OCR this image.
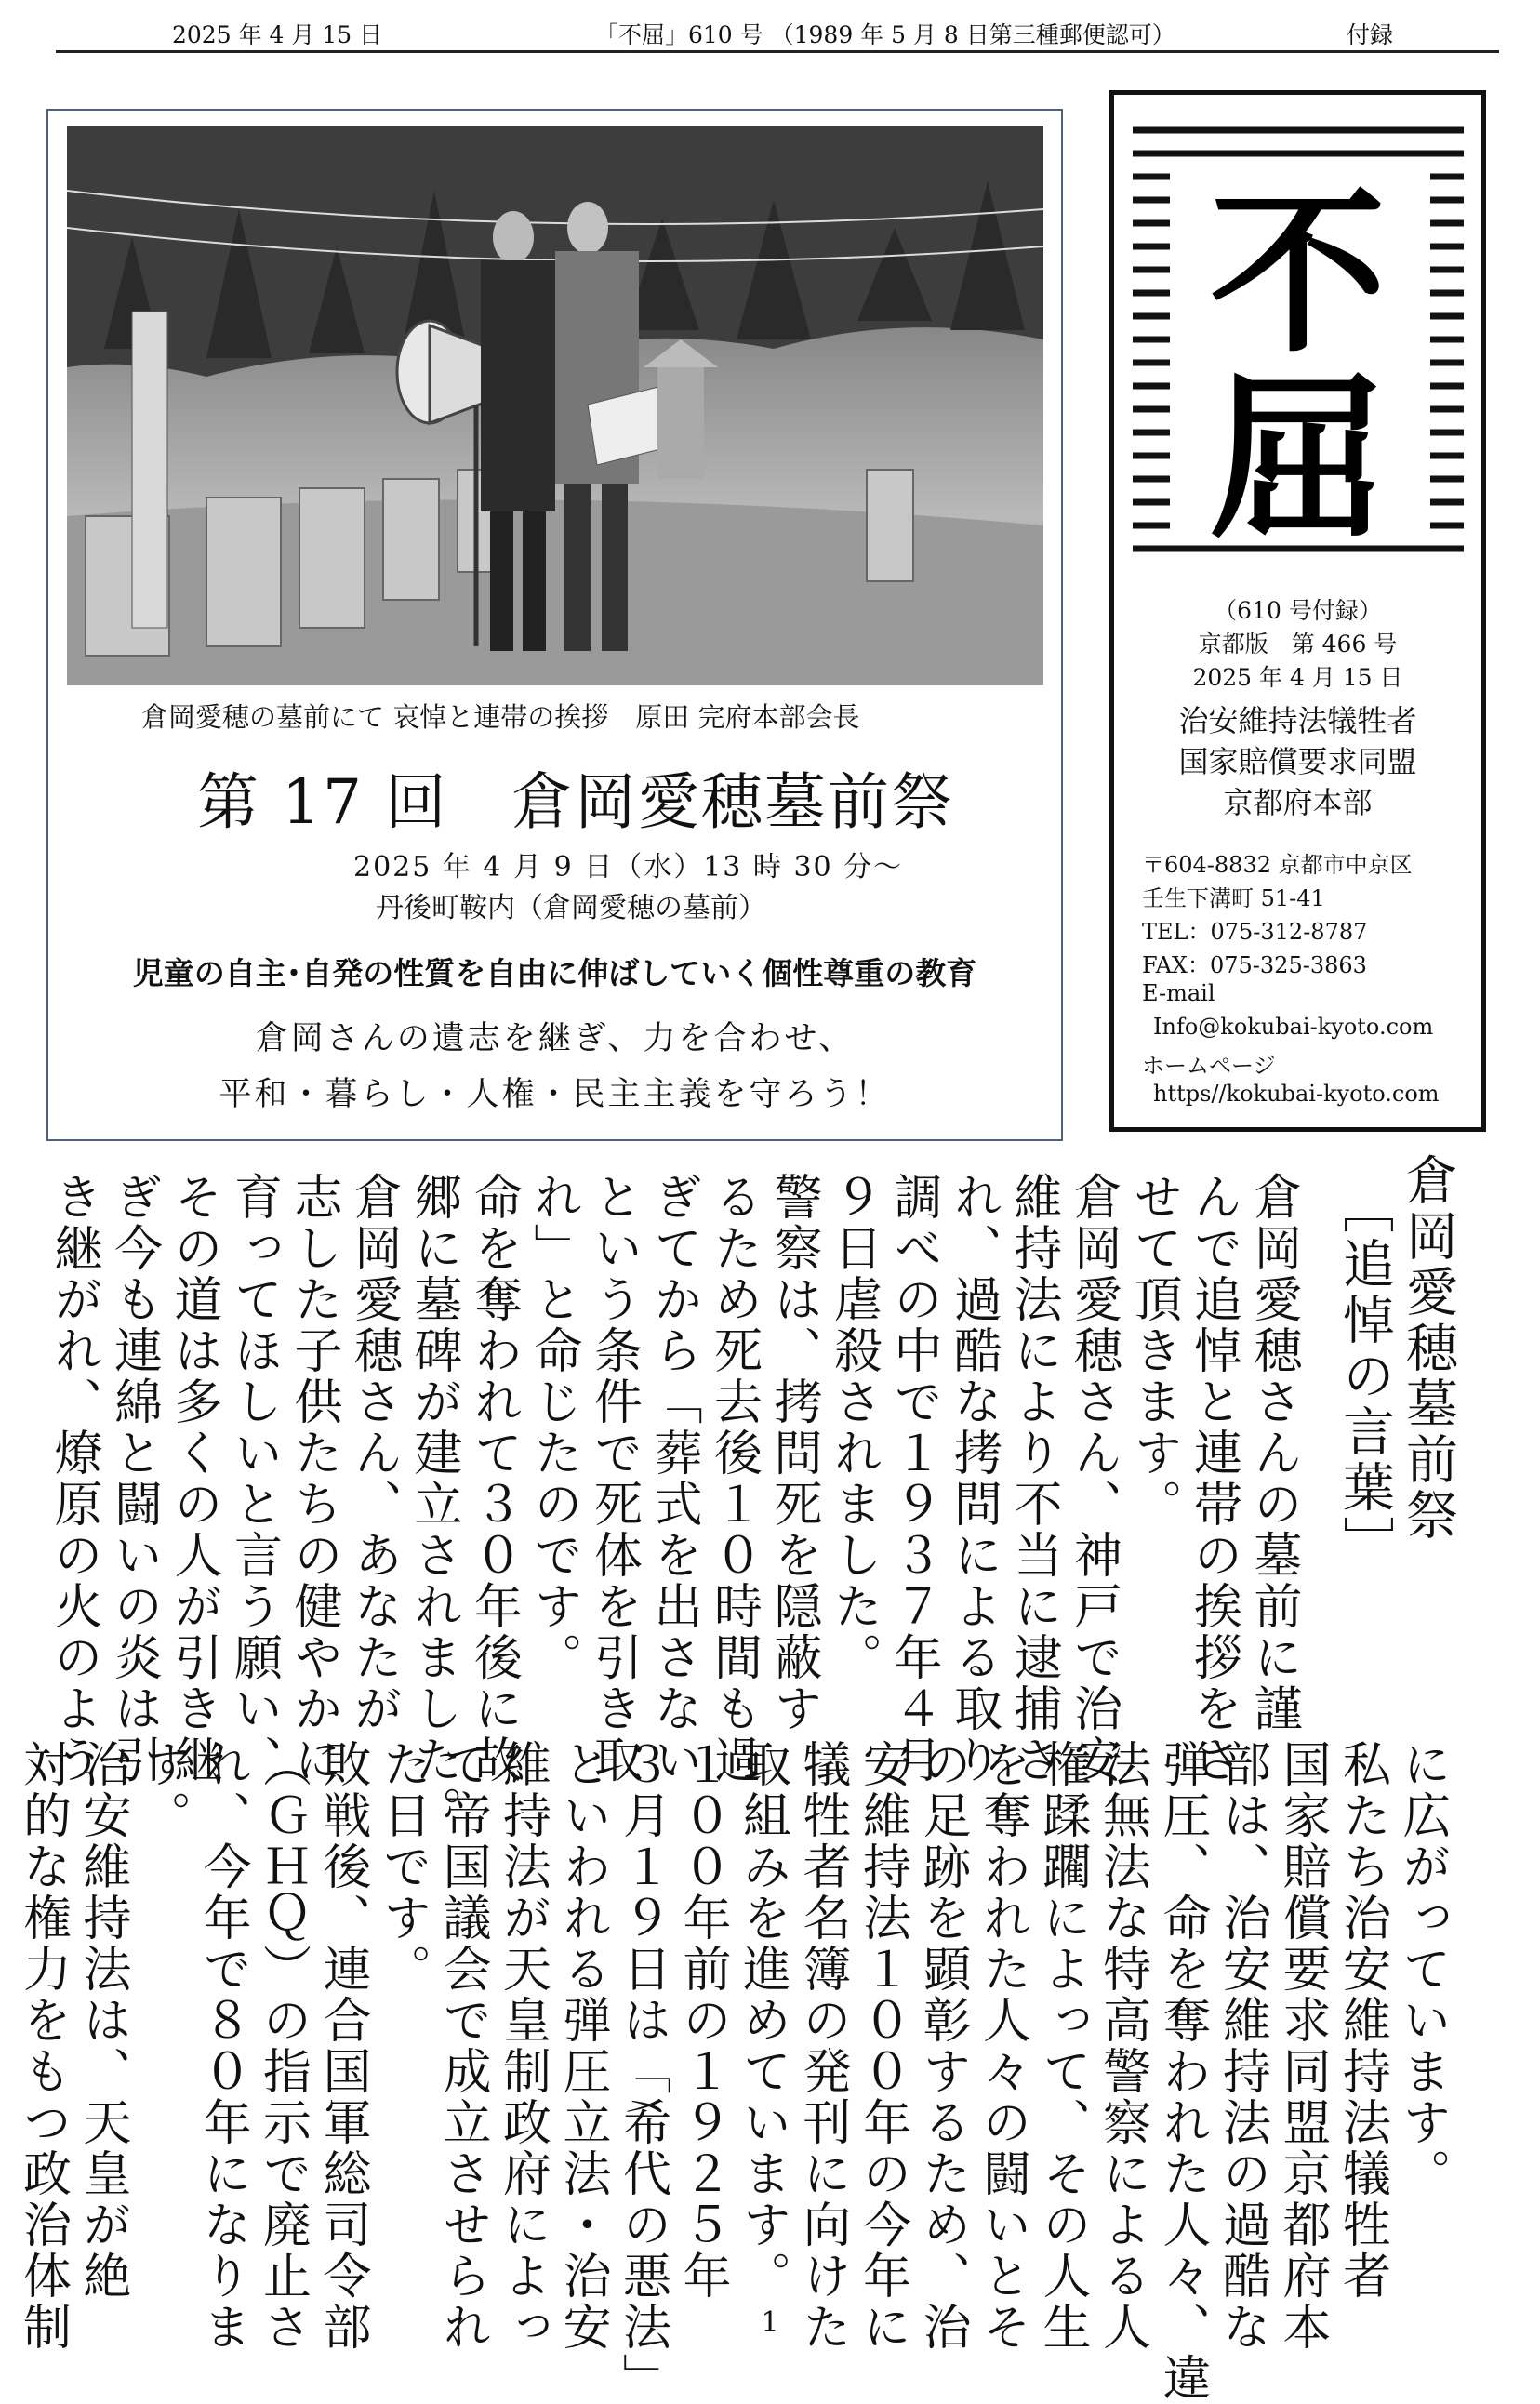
2025 年 4 月 15 日	「不屈」610 号 （1989 年 5 月 8 日第三種郵便認可）	付録
倉岡愛穂の墓前にて 哀悼と連帯の挨拶　原田 完府本部会長
第 17 回　倉岡愛穂墓前祭
2025 年 4 月 9 日（水）13 時 30 分～
丹後町鞍内（倉岡愛穂の墓前）
児童の自主･自発の性質を自由に伸ばしていく個性尊重の教育
倉岡さんの遺志を継ぎ、力を合わせ、
平和・暮らし・人権・民主主義を守ろう！
不
屈
（610 号付録）
京都版　第 466 号
2025 年 4 月 15 日
治安維持法犠牲者
国家賠償要求同盟
京都府本部
〒604-8832 京都市中京区
壬生下溝町 51-41
TEL：075-312-8787
FAX：075-325-3863
E-mail
Info@kokubai-kyoto.com
ホームページ
https//kokubai-kyoto.com
倉岡愛穂墓前祭
［追悼の言葉］
倉岡愛穂さんの墓前に謹
んで追悼と連帯の挨拶をさ
せて頂きます。
倉岡愛穂さん、神戸で治安
維持法により不当に逮捕さ
れ、過酷な拷問による取り
調べの中で１９３７年４月
９日虐殺されました。
警察は、拷問死を隠蔽す
るため死去後１０時間も過
ぎてから「葬式を出さない
という条件で死体を引き取
れ」と命じたのです。
命を奪われて３０年後に故
郷に墓碑が建立されました。
倉岡愛穂さん、あなたが
志した子供たちの健やかに
育ってほしいと言う願い、
その道は多くの人が引き継
ぎ今も連綿と闘いの炎は引
き継がれ、燎原の火のよう
に広がっています。
私たち治安維持法犠牲者
国家賠償要求同盟京都府本
部は、治安維持法の過酷な
弾圧、命を奪われた人々、違
法無法な特高警察による人
権蹂躙によって、その人生
を奪われた人々の闘いとそ
の足跡を顕彰するため、治
安維持法１００年の今年に
犠牲者名簿の発刊に向けた
取組みを進めています。
１００年前の１９２５年
３月１９日は「希代の悪法」
といわれる弾圧立法・治安
維持法が天皇制政府によっ
て帝国議会で成立させられ
た日です。
敗戦後、連合国軍総司令部
（ＧＨＱ）の指示で廃止さ
れ、今年で８０年になりま
す。
治安維持法は、天皇が絶
対的な権力をもつ政治体制	1
